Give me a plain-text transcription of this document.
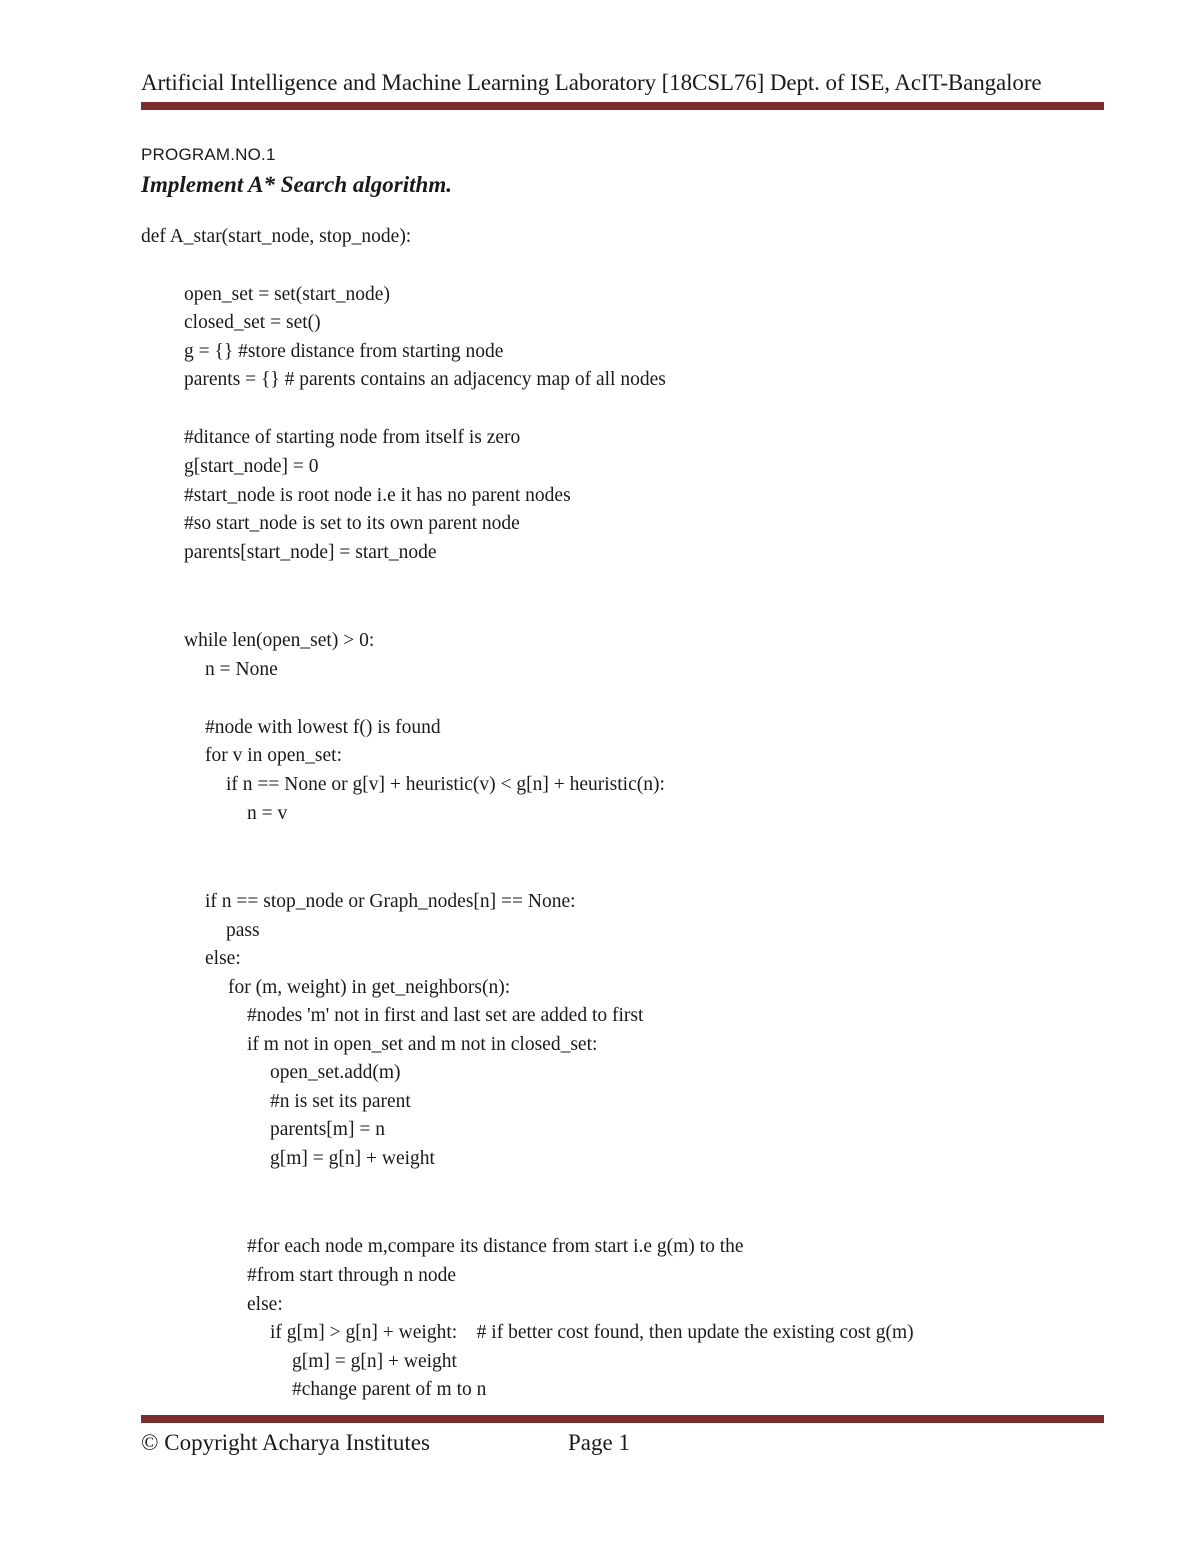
Artificial Intelligence and Machine Learning Laboratory [18CSL76] Dept. of ISE, AcIT-Bangalore
PROGRAM.NO.1
Implement A* Search algorithm.
def A_star(start_node, stop_node):
open_set = set(start_node)
closed_set = set()
g = {} #store distance from starting node
parents = {} # parents contains an adjacency map of all nodes
#ditance of starting node from itself is zero
g[start_node] = 0
#start_node is root node i.e it has no parent nodes
#so start_node is set to its own parent node
parents[start_node] = start_node
while len(open_set) > 0:
n = None
#node with lowest f() is found
for v in open_set:
if n == None or g[v] + heuristic(v) < g[n] + heuristic(n):
n = v
if n == stop_node or Graph_nodes[n] == None:
pass
else:
for (m, weight) in get_neighbors(n):
#nodes 'm' not in first and last set are added to first
if m not in open_set and m not in closed_set:
open_set.add(m)
#n is set its parent
parents[m] = n
g[m] = g[n] + weight
#for each node m,compare its distance from start i.e g(m) to the
#from start through n node
else:
if g[m] > g[n] + weight:    # if better cost found, then update the existing cost g(m)
g[m] = g[n] + weight
#change parent of m to n
© Copyright Acharya Institutes	Page 1
